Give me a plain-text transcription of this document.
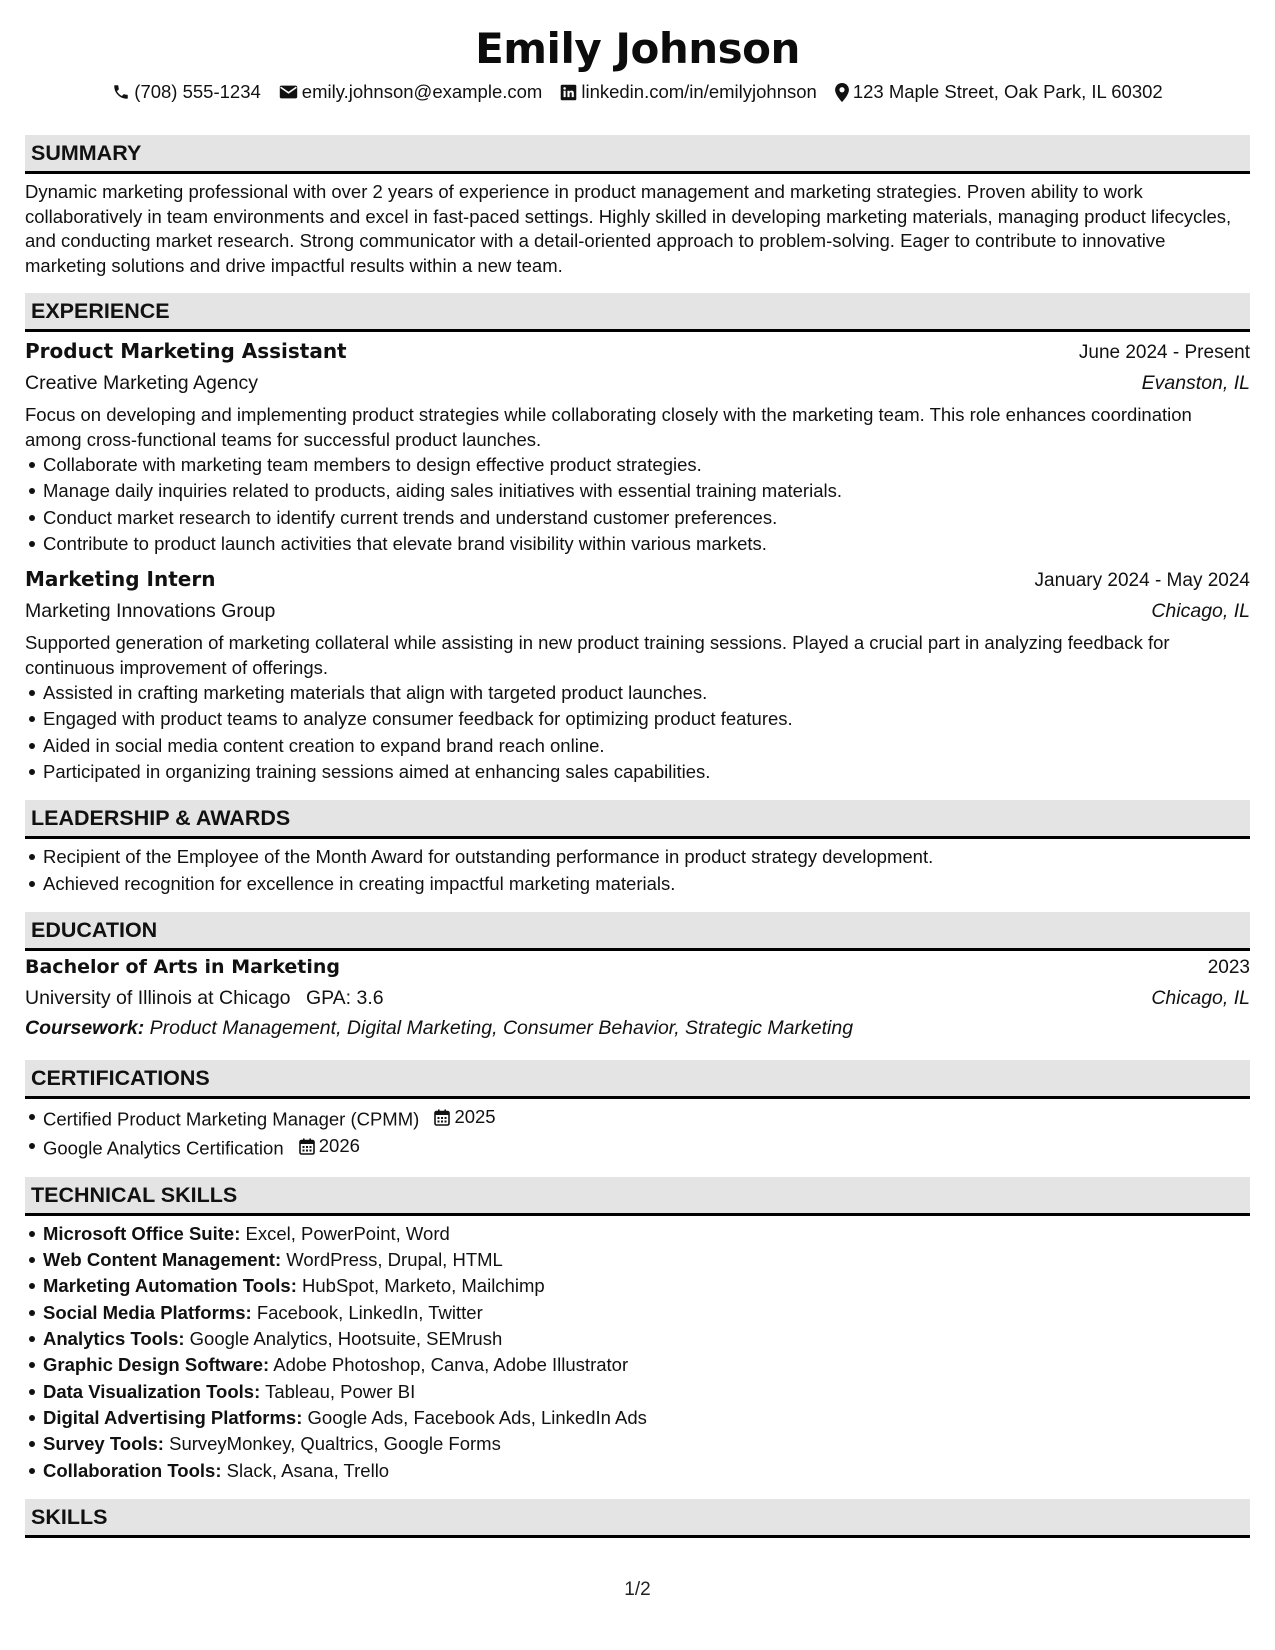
Emily Johnson
(708) 555-1234 emily.johnson@example.com linkedin.com/in/emilyjohnson 123 Maple Street, Oak Park, IL 60302
SUMMARY

Dynamic marketing professional with over 2 years of experience in product management and marketing strategies. Proven ability to work collaboratively in team environments and excel in fast-paced settings. Highly skilled in developing marketing materials, managing product lifecycles, and conducting market research. Strong communicator with a detail-oriented approach to problem-solving. Eager to contribute to innovative marketing solutions and drive impactful results within a new team.

EXPERIENCE
Product Marketing Assistant	June 2024 - Present
Creative Marketing Agency	Evanston, IL

Focus on developing and implementing product strategies while collaborating closely with the marketing team. This role enhances coordination among cross-functional teams for successful product launches.

Collaborate with marketing team members to design effective product strategies.
Manage daily inquiries related to products, aiding sales initiatives with essential training materials.
Conduct market research to identify current trends and understand customer preferences.
Contribute to product launch activities that elevate brand visibility within various markets.
Marketing Intern	January 2024 - May 2024
Marketing Innovations Group	Chicago, IL

Supported generation of marketing collateral while assisting in new product training sessions. Played a crucial part in analyzing feedback for continuous improvement of offerings.

Assisted in crafting marketing materials that align with targeted product launches.
Engaged with product teams to analyze consumer feedback for optimizing product features.
Aided in social media content creation to expand brand reach online.
Participated in organizing training sessions aimed at enhancing sales capabilities.
LEADERSHIP & AWARDS
Recipient of the Employee of the Month Award for outstanding performance in product strategy development.
Achieved recognition for excellence in creating impactful marketing materials.
EDUCATION
Bachelor of Arts in Marketing	2023
University of Illinois at Chicago GPA: 3.6	Chicago, IL
Coursework: Product Management, Digital Marketing, Consumer Behavior, Strategic Marketing
CERTIFICATIONS
Certified Product Marketing Manager (CPMM) 2025
Google Analytics Certification 2026
TECHNICAL SKILLS
Microsoft Office Suite: Excel, PowerPoint, Word
Web Content Management: WordPress, Drupal, HTML
Marketing Automation Tools: HubSpot, Marketo, Mailchimp
Social Media Platforms: Facebook, LinkedIn, Twitter
Analytics Tools: Google Analytics, Hootsuite, SEMrush
Graphic Design Software: Adobe Photoshop, Canva, Adobe Illustrator
Data Visualization Tools: Tableau, Power BI
Digital Advertising Platforms: Google Ads, Facebook Ads, LinkedIn Ads
Survey Tools: SurveyMonkey, Qualtrics, Google Forms
Collaboration Tools: Slack, Asana, Trello
SKILLS
1/2
